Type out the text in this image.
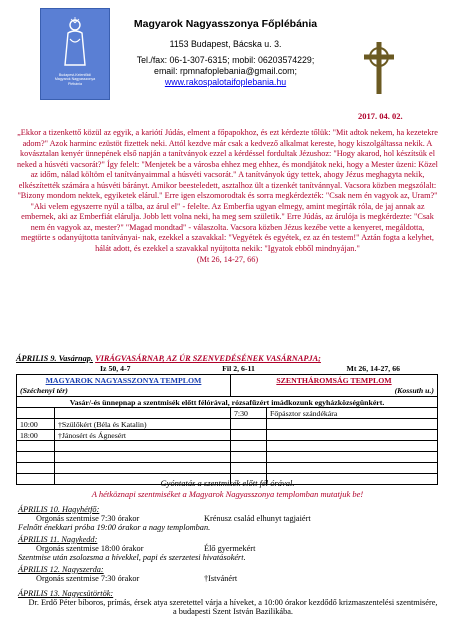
Budapest-Kelenföldi
Magyarok Nagyasszonya
Plébánia
Magyarok Nagyasszonya Főplébánia
1153 Budapest, Bácska u. 3.
Tel./fax: 06-1-307-6315; mobil: 06203574229;
email: rpmnafoplebania@gmail.com;
www.rakospalotaifoplebania.hu
2017. 04. 02.
„Ekkor a tizenkettő közül az egyik, a kariótí Júdás, elment a főpapokhoz, és ezt kérdezte tőlük: "Mit adtok nekem, ha kezetekre adom?" Azok harminc ezüstöt fizettek neki. Attól kezdve már csak a kedvező alkalmat kereste, hogy kiszolgáltassa nekik. A kovásztalan kenyér ünnepének első napján a tanítványok ezzel a kérdéssel fordultak Jézushoz: "Hogy akarod, hol készítsük el neked a húsvéti vacsorát?" Így felelt: "Menjetek be a városba ehhez meg ehhez, és mondjátok neki, hogy a Mester üzeni: Közel az időm, nálad költöm el tanítványaimmal a húsvéti vacsorát." A tanítványok úgy tettek, ahogy Jézus meghagyta nekik, elkészítették számára a húsvéti bárányt. Amikor beesteledett, asztalhoz ült a tizenkét tanítvánnyal. Vacsora közben megszólalt: "Bizony mondom nektek, egyiketek elárul." Erre igen elszomorodtak és sorra megkérdezték: "Csak nem én vagyok az, Uram?" "Aki velem egyszerre nyúl a tálba, az árul el" - felelte. Az Emberfia ugyan elmegy, amint megírták róla, de jaj annak az embernek, aki az Emberfiát elárulja. Jobb lett volna neki, ha meg sem születik." Erre Júdás, az árulója is megkérdezte: "Csak nem én vagyok az, mester?" "Magad mondtad" - válaszolta. Vacsora közben Jézus kezébe vette a kenyeret, megáldotta, megtörte s odanyújtotta tanítványai- nak, ezekkel a szavakkal: "Vegyétek és egyétek, ez az én testem!" Aztán fogta a kelyhet, hálát adott, és ezekkel a szavakkal nyújtotta nekik: "Igyatok ebből mindnyájan."
(Mt 26, 14-27, 66)
ÁPRILIS 9. Vasárnap. VIRÁGVASÁRNAP, AZ ÚR SZENVEDÉSÉNEK VASÁRNAPJA;
Iz 50, 4-7	Fil 2, 6-11	Mt 26, 14-27, 66
MAGYAROK NAGYASSZONYA TEMPLOM		SZENTHÁROMSÁG TEMPLOM	
(Széchenyi tér)		(Kossuth u.)	
Vasár/-és ünnepnap a szentmisék előtt félórával, rózsafűzért imádkozunk egyházközségünkért.			
		7:30	Főpásztor szándékára
10:00	†Szülőkért (Béla és Katalin)		
18:00	†Jánosért és Ágnesért		

Gyóntatás a szentmisék előtt fél órával.
A hétköznapi szentmiséket a Magyarok Nagyasszonya templomban mutatjuk be!
ÁPRILIS 10. Hagyhétfő:
Orgonás szentmise 7:30 órakor	Krénusz család elhunyt tagjaiért
Felnőtt énekkari próba 19:00 órakor a nagy templomban.
ÁPRILIS 11. Nagykedd:
Orgonás szentmise 18:00 órakor	Élő gyermekért
Szentmise után zsolozsma a hívekkel, papi és szerzetesi hivatásokért.
ÁPRILIS 12. Nagyszerda:
Orgonás szentmise 7:30 órakor	†Istvánért
ÁPRILIS 13. Nagycsütörtök:
Dr. Erdő Péter bíboros, prímás, érsek atya szeretettel várja a híveket, a 10:00 órakor kezdődő krizmaszentelési szentmisére, a budapesti Szent István Bazilikába.
